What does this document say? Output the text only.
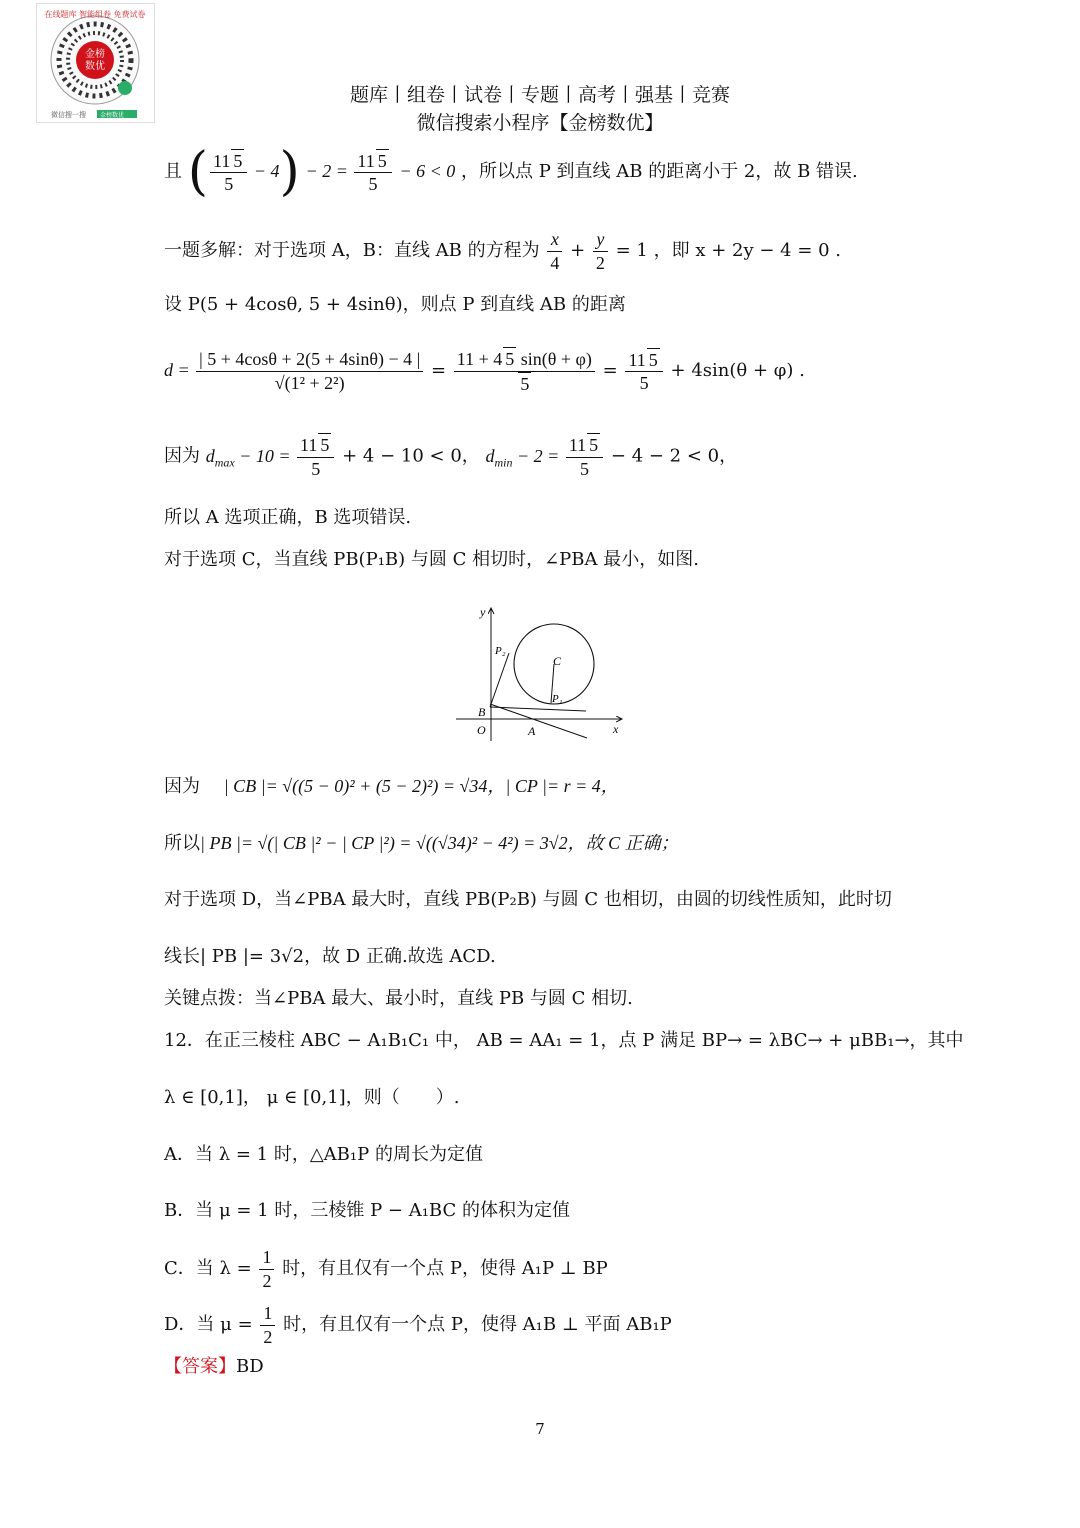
金榜
数优
在线题库 智能组卷 免费试卷
微信搜一搜 金榜数优
题库丨组卷丨试卷丨专题丨高考丨强基丨竞赛
微信搜索小程序【金榜数优】
且 ( $\frac{11 5}{5} - 4) - 2 = \frac{11 5}{5} - 6 < 0$ ，所以点 P 到直线 AB 的距离小于 2，故 B 错误.
一题多解：对于选项 A，B：直线 AB 的方程为 $\frac{x}{4} + \frac{y}{2} = 1$ ，即 x + 2y − 4 = 0 .
设 P(5 + 4cosθ, 5 + 4sinθ)，则点 P 到直线 AB 的距离
$d = \frac{| 5 + 4\cos\theta + 2(5 + 4\sin\theta) - 4 |}{\text{√(1² + 2²)}} = \frac{11 + 4 5 \sin(\theta + \varphi)}{5} = \frac{11 5}{5} + 4\sin(\theta + \varphi)$ .
因为 $d_{max} - 10 = \frac{11 5}{5} + 4 - 10 < 0$， $d_{min} - 2 = \frac{11 5}{5} - 4 - 2 < 0$，
所以 A 选项正确，B 选项错误.
对于选项 C，当直线 PB(P₁B) 与圆 C 相切时，∠PBA 最小，如图.
y
x
O	A
B
C
P₂
P₁
因为 | CB |= √((5 − 0)² + (5 − 2)²) = √34，| CP |= r = 4，
所以| PB |= √(| CB |² − | CP |²) = √((√34)² − 4²) = 3√2，故 C 正确；
对于选项 D，当∠PBA 最大时，直线 PB(P₂B) 与圆 C 也相切，由圆的切线性质知，此时切
线长| PB |= 3√2，故 D 正确.故选 ACD.
关键点拨：当∠PBA 最大、最小时，直线 PB 与圆 C 相切.
12．在正三棱柱 ABC − A₁B₁C₁ 中， AB = AA₁ = 1，点 P 满足 BP→ = λBC→ + μBB₁→，其中
λ ∈ [0,1]， μ ∈ [0,1]，则（　　）.
A．当 λ = 1 时，△AB₁P 的周长为定值
B．当 μ = 1 时，三棱锥 P − A₁BC 的体积为定值
C．当 $\lambda = \frac{1}{2}$ 时，有且仅有一个点 P，使得 A₁P ⊥ BP
D．当 $\mu = \frac{1}{2}$ 时，有且仅有一个点 P，使得 A₁B ⊥ 平面 AB₁P
【答案】BD
7
